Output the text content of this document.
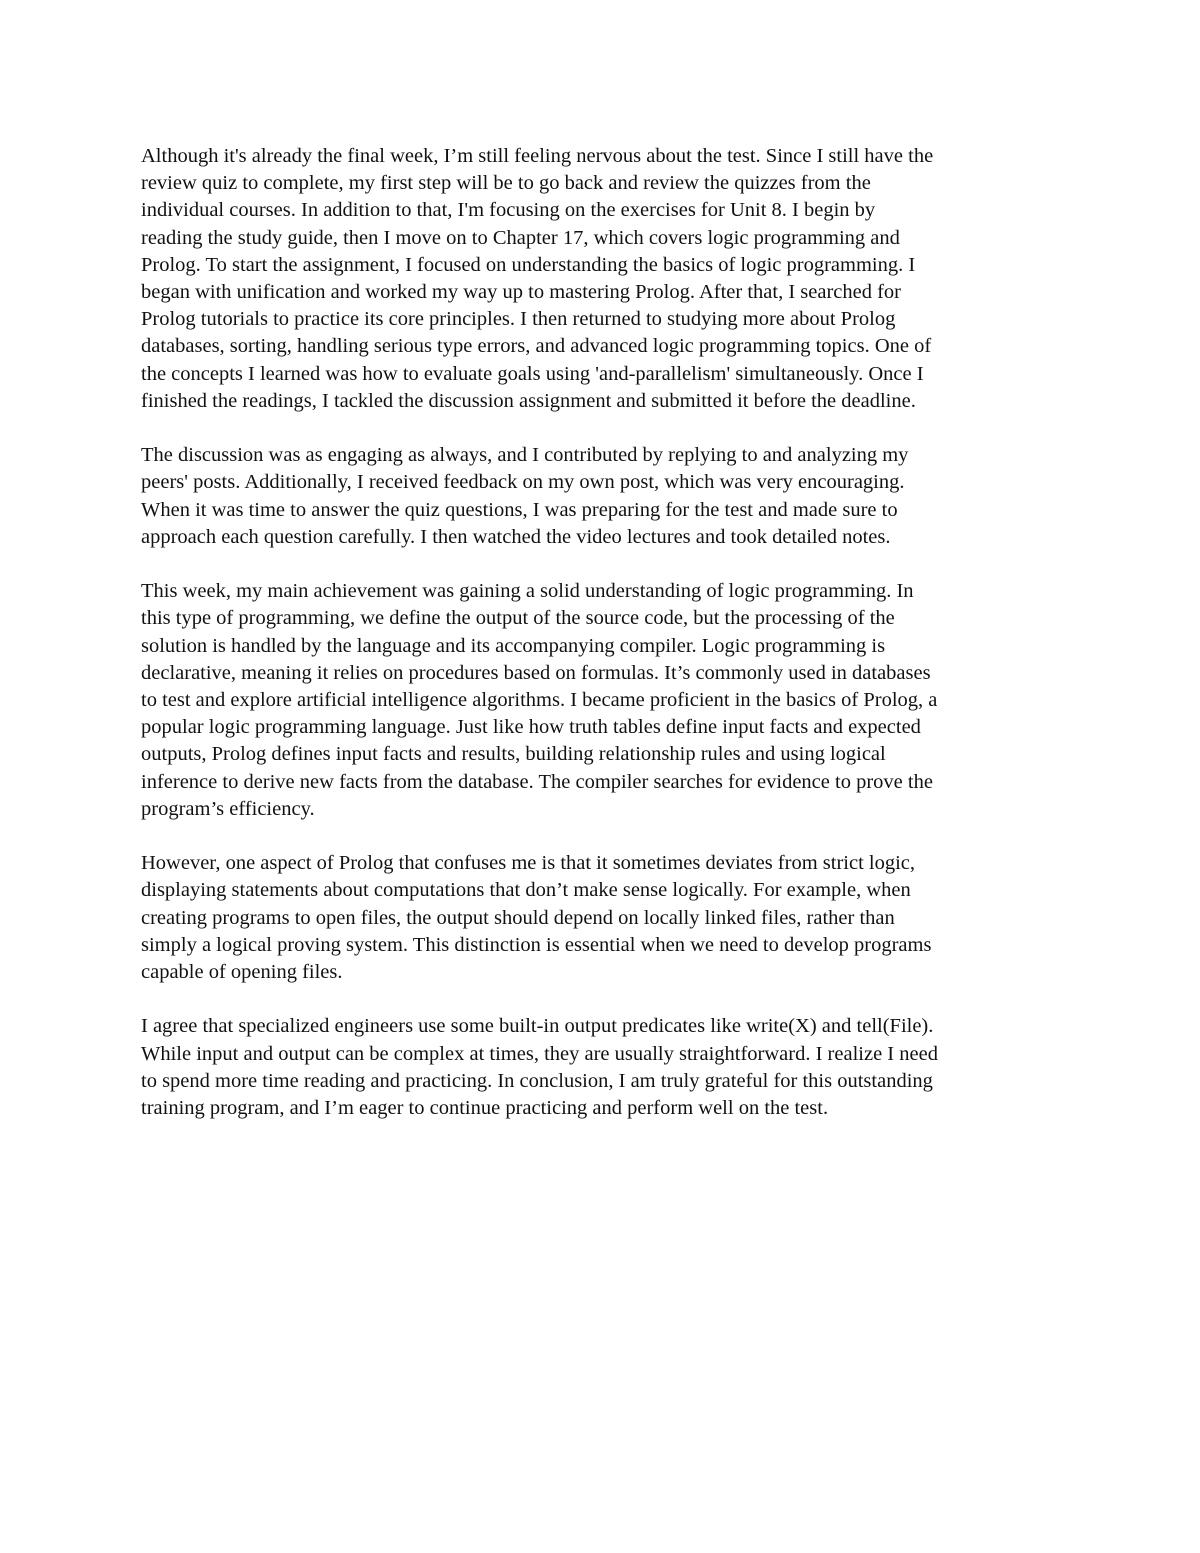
Although it's already the final week, I’m still feeling nervous about the test. Since I still have the
review quiz to complete, my first step will be to go back and review the quizzes from the
individual courses. In addition to that, I'm focusing on the exercises for Unit 8. I begin by
reading the study guide, then I move on to Chapter 17, which covers logic programming and
Prolog. To start the assignment, I focused on understanding the basics of logic programming. I
began with unification and worked my way up to mastering Prolog. After that, I searched for
Prolog tutorials to practice its core principles. I then returned to studying more about Prolog
databases, sorting, handling serious type errors, and advanced logic programming topics. One of
the concepts I learned was how to evaluate goals using 'and-parallelism' simultaneously. Once I
finished the readings, I tackled the discussion assignment and submitted it before the deadline.

The discussion was as engaging as always, and I contributed by replying to and analyzing my
peers' posts. Additionally, I received feedback on my own post, which was very encouraging.
When it was time to answer the quiz questions, I was preparing for the test and made sure to
approach each question carefully. I then watched the video lectures and took detailed notes.

This week, my main achievement was gaining a solid understanding of logic programming. In
this type of programming, we define the output of the source code, but the processing of the
solution is handled by the language and its accompanying compiler. Logic programming is
declarative, meaning it relies on procedures based on formulas. It’s commonly used in databases
to test and explore artificial intelligence algorithms. I became proficient in the basics of Prolog, a
popular logic programming language. Just like how truth tables define input facts and expected
outputs, Prolog defines input facts and results, building relationship rules and using logical
inference to derive new facts from the database. The compiler searches for evidence to prove the
program’s efficiency.

However, one aspect of Prolog that confuses me is that it sometimes deviates from strict logic,
displaying statements about computations that don’t make sense logically. For example, when
creating programs to open files, the output should depend on locally linked files, rather than
simply a logical proving system. This distinction is essential when we need to develop programs
capable of opening files.

I agree that specialized engineers use some built-in output predicates like write(X) and tell(File).
While input and output can be complex at times, they are usually straightforward. I realize I need
to spend more time reading and practicing. In conclusion, I am truly grateful for this outstanding
training program, and I’m eager to continue practicing and perform well on the test.
